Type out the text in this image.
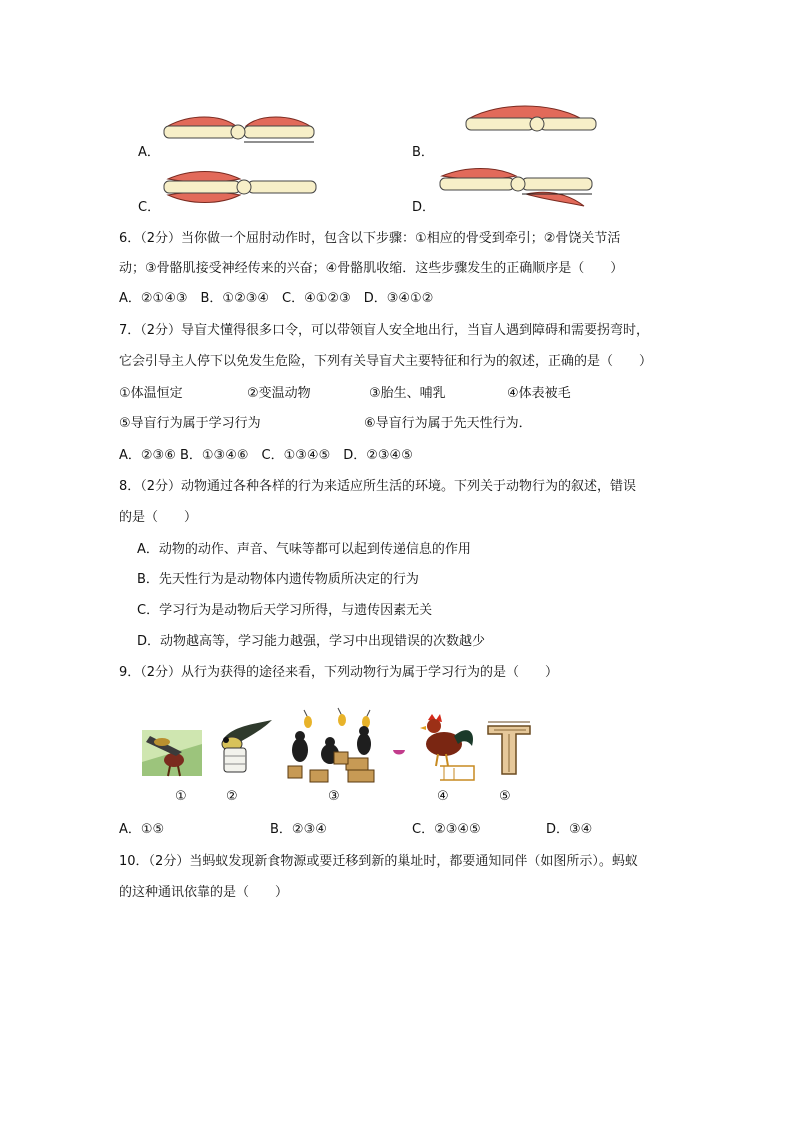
A．	B．
C．	D．
6．（2分）当你做一个屈肘动作时，包含以下步骤：①相应的骨受到牵引；②骨饶关节活
动；③骨骼肌接受神经传来的兴奋；④骨骼肌收缩．这些步骤发生的正确顺序是（　　）
A．②①④③　B．①②③④　C．④①②③　D．③④①②
7．（2分）导盲犬懂得很多口令，可以带领盲人安全地出行，当盲人遇到障碍和需要拐弯时，
它会引导主人停下以免发生危险，下列有关导盲犬主要特征和行为的叙述，正确的是（　　）
①体温恒定	②变温动物	③胎生、哺乳	④体表被毛
⑤导盲行为属于学习行为	⑥导盲行为属于先天性行为．
A．②③⑥ B．①③④⑥　C．①③④⑤　D．②③④⑤
8．（2分）动物通过各种各样的行为来适应所生活的环境。下列关于动物行为的叙述，错误
的是（　　）
A．动物的动作、声音、气味等都可以起到传递信息的作用
B．先天性行为是动物体内遗传物质所决定的行为
C．学习行为是动物后天学习所得，与遗传因素无关
D．动物越高等，学习能力越强，学习中出现错误的次数越少
9．（2分）从行为获得的途径来看，下列动物行为属于学习行为的是（　　）
①	②	③	④	⑤
A．①⑤	B．②③④	C．②③④⑤	D．③④
10．（2分）当蚂蚁发现新食物源或要迁移到新的巢址时，都要通知同伴（如图所示）。蚂蚁
的这种通讯依靠的是（　　）
